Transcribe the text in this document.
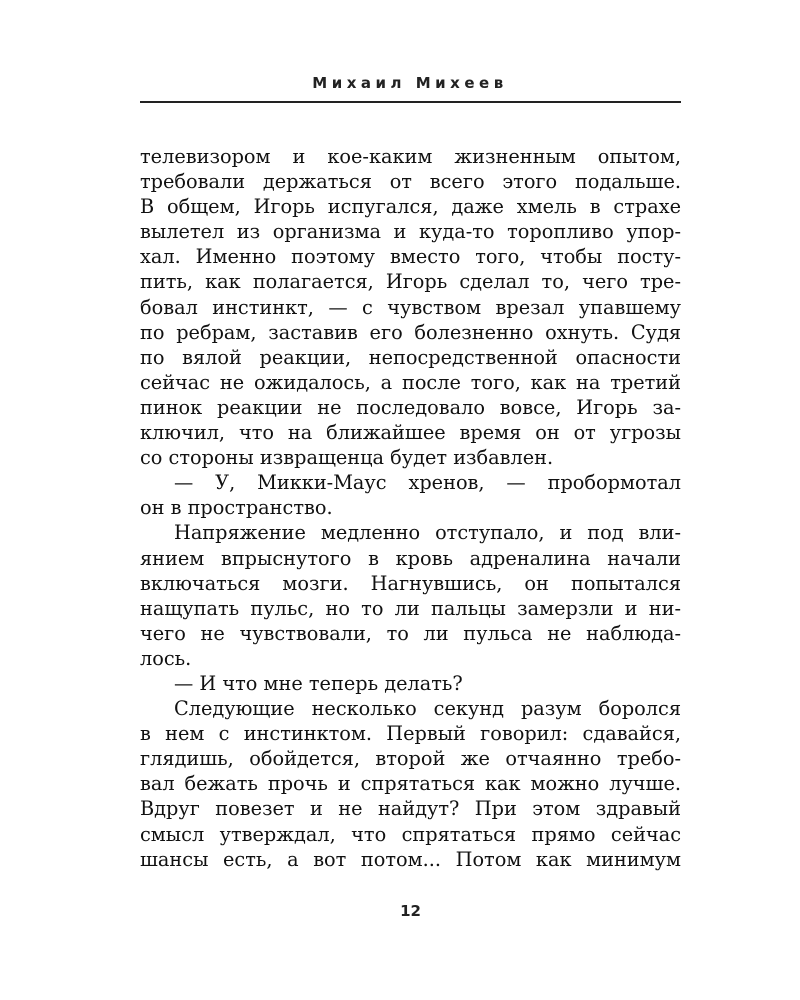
Михаил Михеев
телевизором и кое-каким жизненным опытом,
требовали держаться от всего этого подальше.
В общем, Игорь испугался, даже хмель в страхе
вылетел из организма и куда-то торопливо упор-
хал. Именно поэтому вместо того, чтобы посту-
пить, как полагается, Игорь сделал то, чего тре-
бовал инстинкт, — с чувством врезал упавшему
по ребрам, заставив его болезненно охнуть. Судя
по вялой реакции, непосредственной опасности
сейчас не ожидалось, а после того, как на третий
пинок реакции не последовало вовсе, Игорь за-
ключил, что на ближайшее время он от угрозы
со стороны извращенца будет избавлен.
— У, Микки-Маус хренов, — пробормотал
он в пространство.
Напряжение медленно отступало, и под вли-
янием впрыснутого в кровь адреналина начали
включаться мозги. Нагнувшись, он попытался
нащупать пульс, но то ли пальцы замерзли и ни-
чего не чувствовали, то ли пульса не наблюда-
лось.
— И что мне теперь делать?
Следующие несколько секунд разум боролся
в нем с инстинктом. Первый говорил: сдавайся,
глядишь, обойдется, второй же отчаянно требо-
вал бежать прочь и спрятаться как можно лучше.
Вдруг повезет и не найдут? При этом здравый
смысл утверждал, что спрятаться прямо сейчас
шансы есть, а вот потом... Потом как минимум
12
